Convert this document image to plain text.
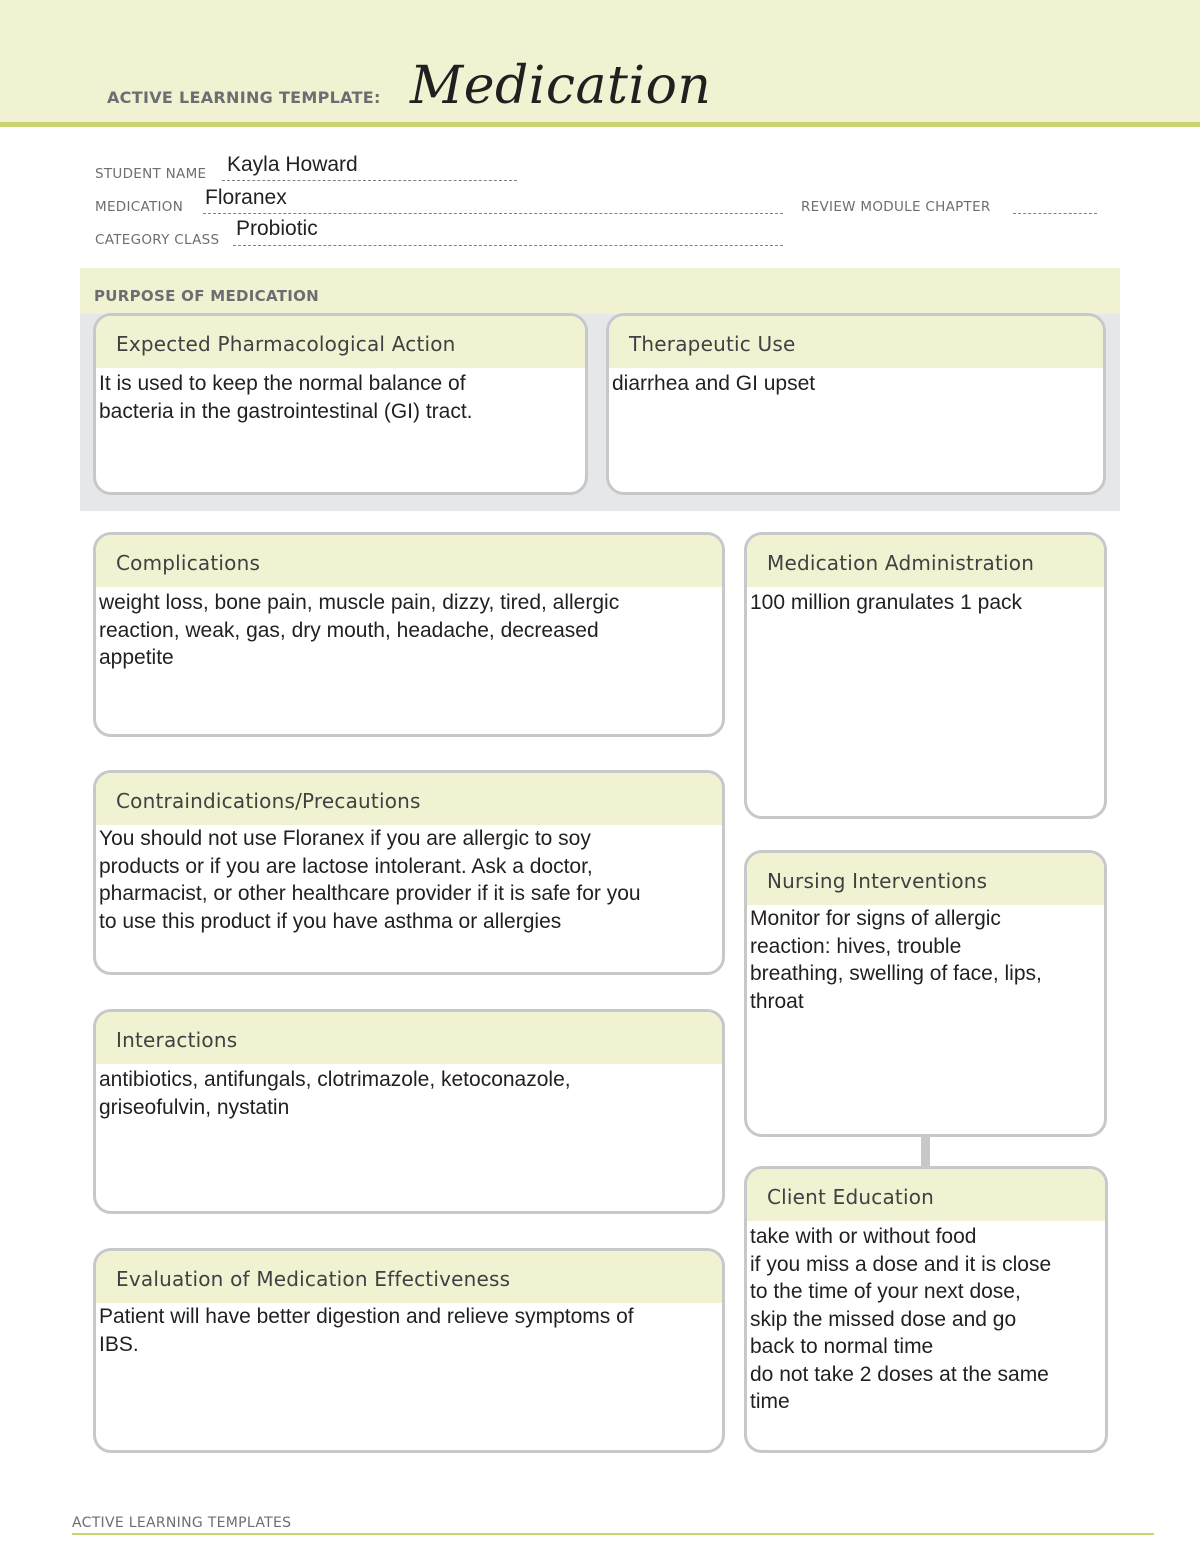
ACTIVE LEARNING TEMPLATE: Medication
STUDENT NAME Kayla Howard
MEDICATION Floranex	REVIEW MODULE CHAPTER
CATEGORY CLASS Probiotic
PURPOSE OF MEDICATION
Expected Pharmacological Action
It is used to keep the normal balance of
bacteria in the gastrointestinal (GI) tract.
Therapeutic Use
diarrhea and GI upset
Complications
weight loss, bone pain, muscle pain, dizzy, tired, allergic
reaction, weak, gas, dry mouth, headache, decreased
appetite
Contraindications/Precautions
You should not use Floranex if you are allergic to soy
products or if you are lactose intolerant. Ask a doctor,
pharmacist, or other healthcare provider if it is safe for you
to use this product if you have asthma or allergies
Interactions
antibiotics, antifungals, clotrimazole, ketoconazole,
griseofulvin, nystatin
Evaluation of Medication Effectiveness
Patient will have better digestion and relieve symptoms of
IBS.
Medication Administration
100 million granulates 1 pack
Nursing Interventions
Monitor for signs of allergic
reaction: hives, trouble
breathing, swelling of face, lips,
throat
Client Education
take with or without food
if you miss a dose and it is close
to the time of your next dose,
skip the missed dose and go
back to normal time
do not take 2 doses at the same
time
ACTIVE LEARNING TEMPLATES
